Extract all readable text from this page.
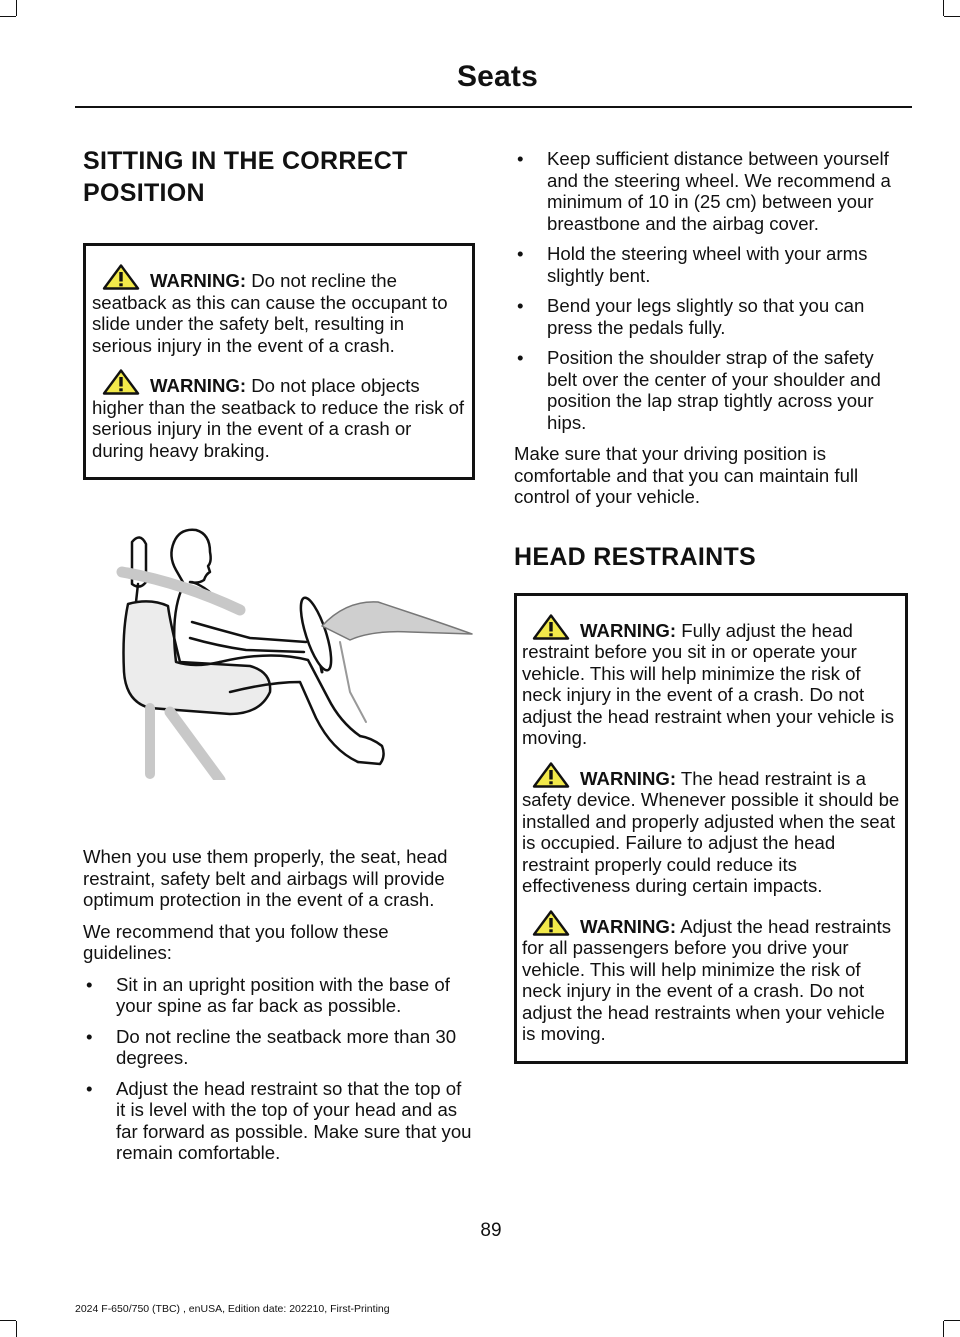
Seats
SITTING IN THE CORRECT
POSITION

WARNING: Do not recline the seatback as this can cause the occupant to slide under the safety belt, resulting in serious injury in the event of a crash.

WARNING: Do not place objects higher than the seatback to reduce the risk of serious injury in the event of a crash or during heavy braking.

When you use them properly, the seat, head restraint, safety belt and airbags will provide optimum protection in the event of a crash.

We recommend that you follow these guidelines:

• Sit in an upright position with the base of your spine as far back as possible.
• Do not recline the seatback more than 30 degrees.
• Adjust the head restraint so that the top of it is level with the top of your head and as far forward as possible. Make sure that you remain comfortable.
• Keep sufficient distance between yourself and the steering wheel. We recommend a minimum of 10 in (25 cm) between your breastbone and the airbag cover.
• Hold the steering wheel with your arms slightly bent.
• Bend your legs slightly so that you can press the pedals fully.
• Position the shoulder strap of the safety belt over the center of your shoulder and position the lap strap tightly across your hips.

Make sure that your driving position is comfortable and that you can maintain full control of your vehicle.

HEAD RESTRAINTS

WARNING: Fully adjust the head restraint before you sit in or operate your vehicle. This will help minimize the risk of neck injury in the event of a crash. Do not adjust the head restraint when your vehicle is moving.

WARNING: The head restraint is a safety device. Whenever possible it should be installed and properly adjusted when the seat is occupied. Failure to adjust the head restraint properly could reduce its effectiveness during certain impacts.

WARNING: Adjust the head restraints for all passengers before you drive your vehicle. This will help minimize the risk of neck injury in the event of a crash. Do not adjust the head restraints when your vehicle is moving.

89
2024 F-650/750 (TBC) , enUSA, Edition date: 202210, First-Printing
